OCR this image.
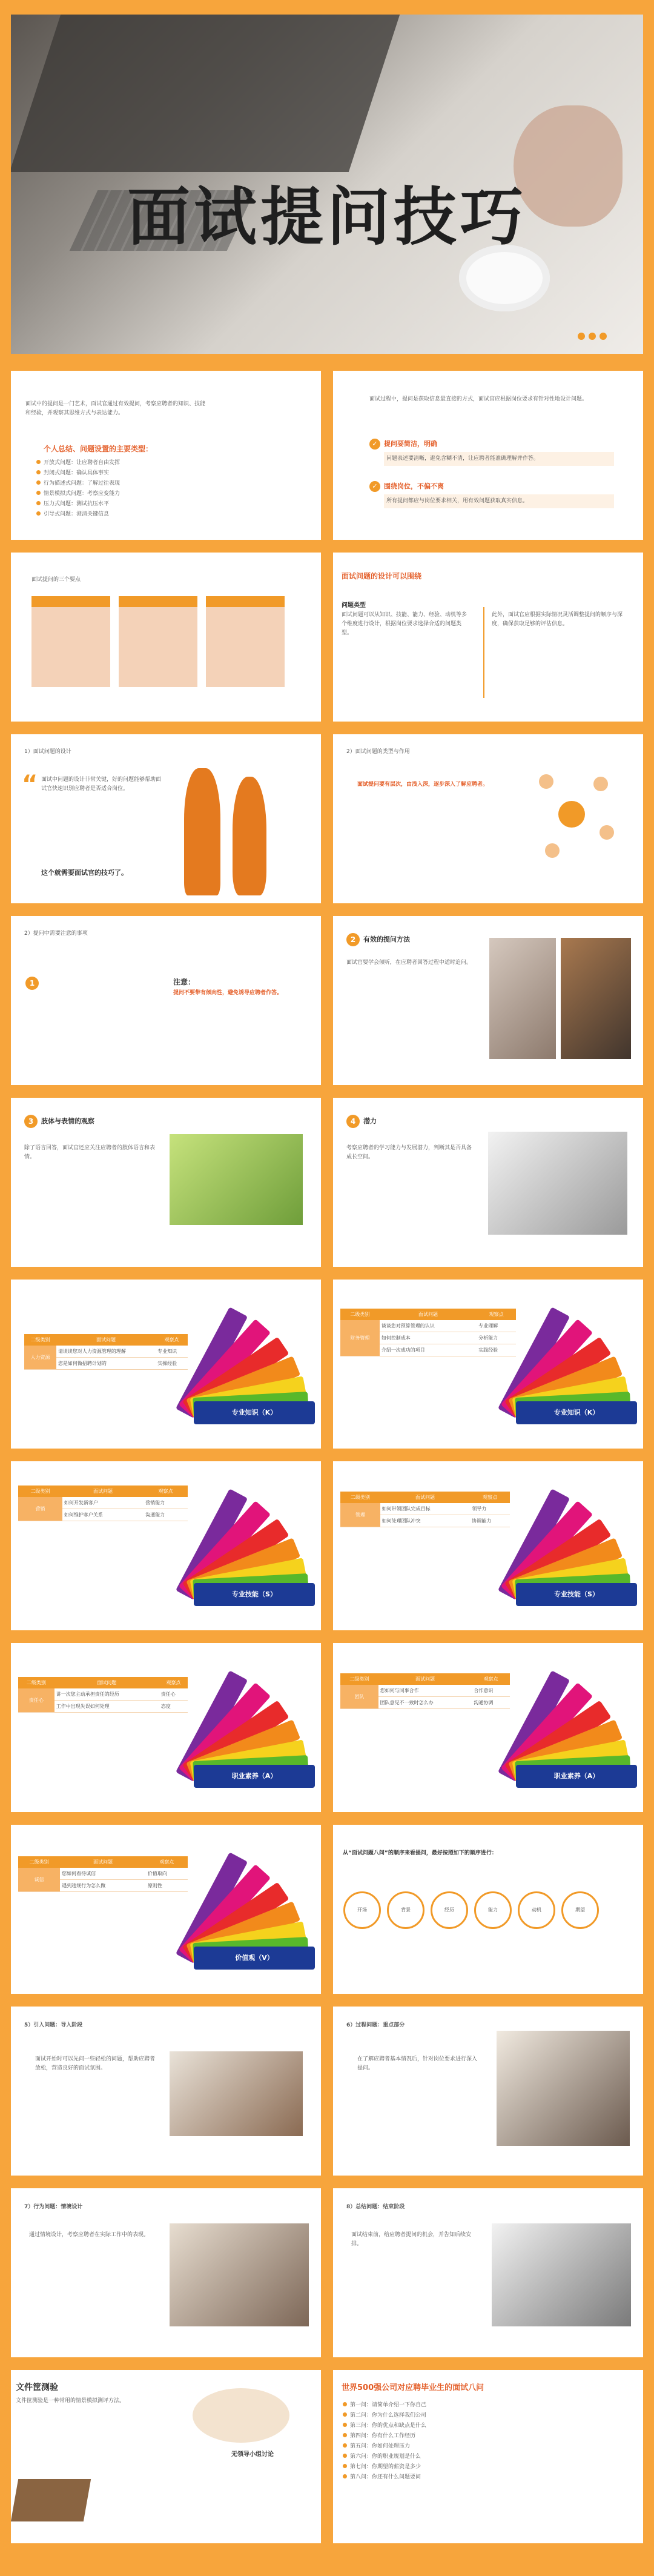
面试提问技巧
面试中的提问是一门艺术，面试官通过有效提问，考察应聘者的知识、技能和经验，并观察其思维方式与表达能力。
个人总结、问题设置的主要类型：
开放式问题：让应聘者自由发挥
封闭式问题：确认具体事实
行为描述式问题：了解过往表现
情景模拟式问题：考察应变能力
压力式问题：测试抗压水平
引导式问题：澄清关键信息
面试过程中，提问是获取信息最直接的方式，面试官应根据岗位要求有针对性地设计问题。
✓ 提问要简洁，明确
问题表述要清晰，避免含糊不清，让应聘者能准确理解并作答。
✓ 围绕岗位，不偏不离
所有提问都应与岗位要求相关，用有效问题获取真实信息。
面试提问的三个要点	面试问题的设计可以围绕
问题类型
面试问题可以从知识、技能、能力、经验、动机等多个维度进行设计，根据岗位要求选择合适的问题类型。
此外，面试官应根据实际情况灵活调整提问的顺序与深度，确保获取足够的评估信息。
1）面试问题的设计
“ 面试中问题的设计非常关键，好的问题能够帮助面试官快速识别应聘者是否适合岗位。
这个就需要面试官的技巧了。
2）面试问题的类型与作用
面试提问要有层次，由浅入深，逐步深入了解应聘者。
2）提问中需要注意的事项
1	注意：
提问不要带有倾向性，避免诱导应聘者作答。
2 有效的提问方法
面试官要学会倾听，在应聘者回答过程中适时追问。
3 肢体与表情的观察
除了语言回答，面试官还应关注应聘者的肢体语言和表情。
4 潜力
考察应聘者的学习能力与发展潜力，判断其是否具备成长空间。
二级类别	面试问题	观察点
人力资源	请谈谈您对人力资源管理的理解	专业知识
	您是如何做招聘计划的	实操经验
专业知识（K）
二级类别	面试问题	观察点
财务管理	谈谈您对预算管理的认识	专业理解
	如何控制成本	分析能力
	介绍一次成功的项目	实践经验
专业知识（K）
二级类别	面试问题	观察点
营销	如何开发新客户	营销能力
	如何维护客户关系	沟通能力
专业技能（S）
二级类别	面试问题	观察点
管理	如何带领团队完成目标	领导力
	如何处理团队冲突	协调能力
专业技能（S）
二级类别	面试问题	观察点
责任心	讲一次您主动承担责任的经历	责任心
	工作中出现失误如何处理	态度
职业素养（A）
二级类别	面试问题	观察点
团队	您如何与同事合作	合作意识
	团队意见不一致时怎么办	沟通协调
职业素养（A）
二级类别	面试问题	观察点
诚信	您如何看待诚信	价值取向
	遇到违规行为怎么做	原则性
价值观（V）
全图网
从“面试问题八问”的顺序来看提问，最好按照如下的顺序进行：
开场	背景	经历	能力	动机	期望
5）引入问题：导入阶段
面试开始时可以先问一些轻松的问题，帮助应聘者放松，营造良好的面试氛围。
6）过程问题：重点部分
在了解应聘者基本情况后，针对岗位要求进行深入提问。
7）行为问题：情境设计
通过情境设计，考察应聘者在实际工作中的表现。
8）总结问题：结束阶段
面试结束前，给应聘者提问的机会，并告知后续安排。
文件筐测验
文件筐测验是一种常用的情景模拟测评方法。
无领导小组讨论
世界500强公司对应聘毕业生的面试八问
第一问：请简单介绍一下你自己
第二问：你为什么选择我们公司
第三问：你的优点和缺点是什么
第四问：你有什么工作经历
第五问：你如何处理压力
第六问：你的职业规划是什么
第七问：你期望的薪资是多少
第八问：你还有什么问题要问
